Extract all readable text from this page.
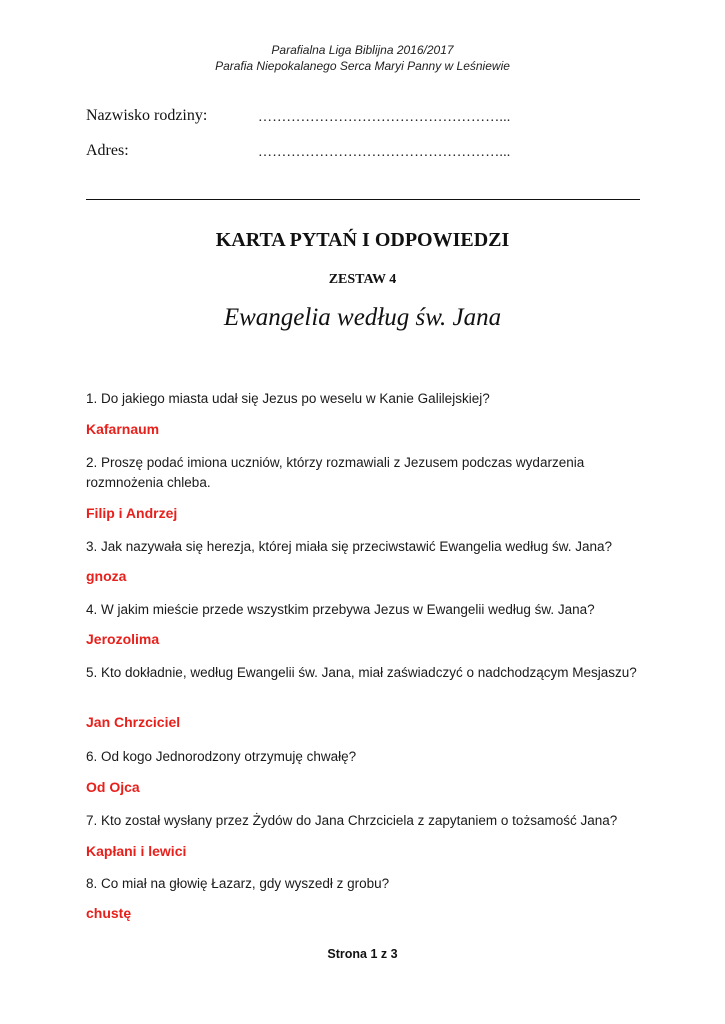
Parafialna Liga Biblijna 2016/2017
Parafia Niepokalanego Serca Maryi Panny w Leśniewie
Nazwisko rodziny:	……………………………………………...
Adres:	……………………………………………...
KARTA PYTAŃ I ODPOWIEDZI
ZESTAW 4
Ewangelia według św. Jana
1. Do jakiego miasta udał się Jezus po weselu w Kanie Galilejskiej?
Kafarnaum
2. Proszę podać imiona uczniów, którzy rozmawiali z Jezusem podczas wydarzenia rozmnożenia chleba.
Filip i Andrzej
3. Jak nazywała się herezja, której miała się przeciwstawić Ewangelia według św. Jana?
gnoza
4. W jakim mieście przede wszystkim przebywa Jezus w Ewangelii według św. Jana?
Jerozolima
5. Kto dokładnie, według Ewangelii św. Jana, miał zaświadczyć o nadchodzącym Mesjaszu?
Jan Chrzciciel
6. Od kogo Jednorodzony otrzymuję chwałę?
Od Ojca
7. Kto został wysłany przez Żydów do Jana Chrzciciela z zapytaniem o tożsamość Jana?
Kapłani i lewici
8. Co miał na głowię Łazarz, gdy wyszedł z grobu?
chustę
Strona 1 z 3
